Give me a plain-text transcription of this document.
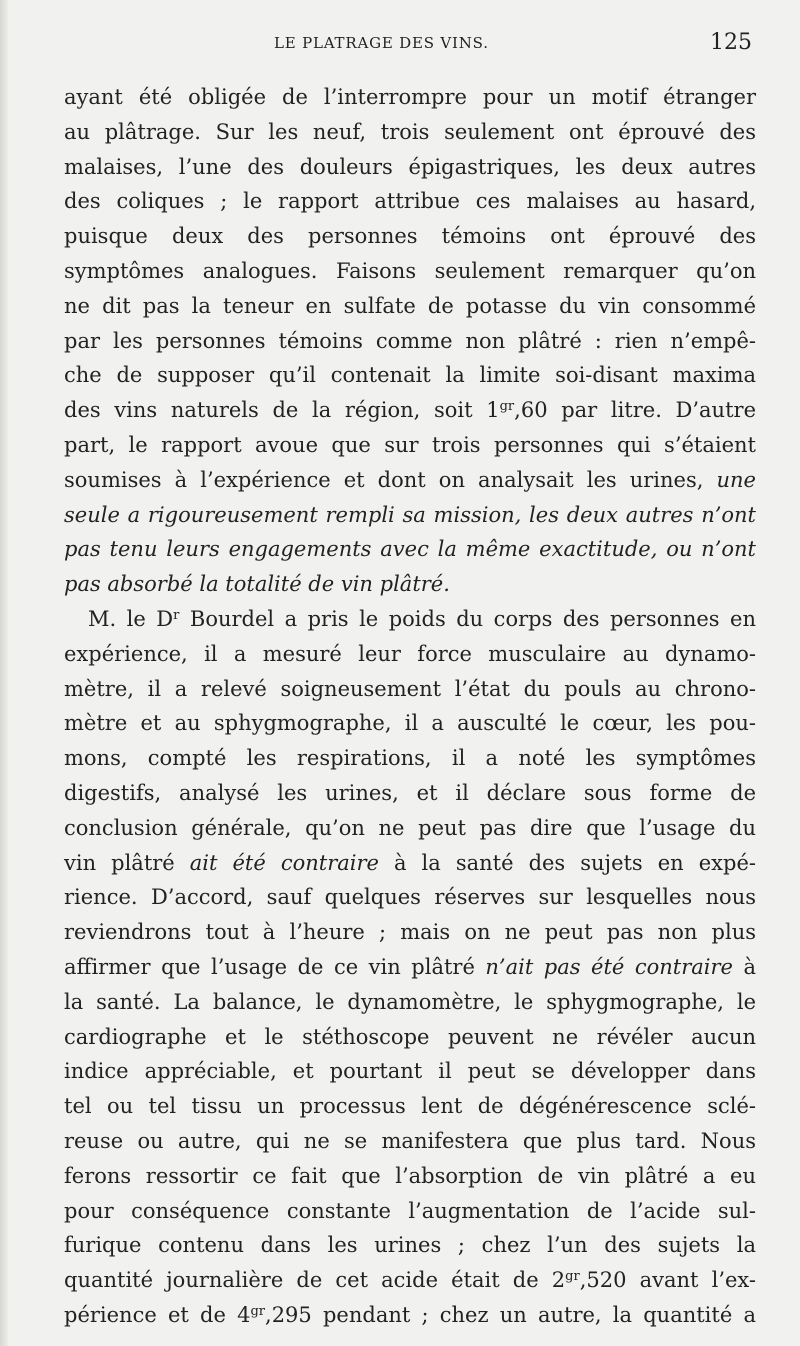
LE PLATRAGE DES VINS.	125
ayant été obligée de l’interrompre pour un motif étranger
au plâtrage. Sur les neuf, trois seulement ont éprouvé des
malaises, l’une des douleurs épigastriques, les deux autres
des coliques ; le rapport attribue ces malaises au hasard,
puisque deux des personnes témoins ont éprouvé des
symptômes analogues. Faisons seulement remarquer qu’on
ne dit pas la teneur en sulfate de potasse du vin consommé
par les personnes témoins comme non plâtré : rien n’empê-
che de supposer qu’il contenait la limite soi-disant maxima
des vins naturels de la région, soit $1^{gr},60$ par litre. D’autre
part, le rapport avoue que sur trois personnes qui s’étaient
soumises à l’expérience et dont on analysait les urines, une
seule a rigoureusement rempli sa mission, les deux autres n’ont
pas tenu leurs engagements avec la même exactitude, ou n’ont
pas absorbé la totalité de vin plâtré.
M. le $D^r$ Bourdel a pris le poids du corps des personnes en
expérience, il a mesuré leur force musculaire au dynamo-
mètre, il a relevé soigneusement l’état du pouls au chrono-
mètre et au sphygmographe, il a ausculté le cœur, les pou-
mons, compté les respirations, il a noté les symptômes
digestifs, analysé les urines, et il déclare sous forme de
conclusion générale, qu’on ne peut pas dire que l’usage du
vin plâtré ait été contraire à la santé des sujets en expé-
rience. D’accord, sauf quelques réserves sur lesquelles nous
reviendrons tout à l’heure ; mais on ne peut pas non plus
affirmer que l’usage de ce vin plâtré n’ait pas été contraire à
la santé. La balance, le dynamomètre, le sphygmographe, le
cardiographe et le stéthoscope peuvent ne révéler aucun
indice appréciable, et pourtant il peut se développer dans
tel ou tel tissu un processus lent de dégénérescence sclé-
reuse ou autre, qui ne se manifestera que plus tard. Nous
ferons ressortir ce fait que l’absorption de vin plâtré a eu
pour conséquence constante l’augmentation de l’acide sul-
furique contenu dans les urines ; chez l’un des sujets la
quantité journalière de cet acide était de $2^{gr},520$ avant l’ex-
périence et de $4^{gr},295$ pendant ; chez un autre, la quantité a
